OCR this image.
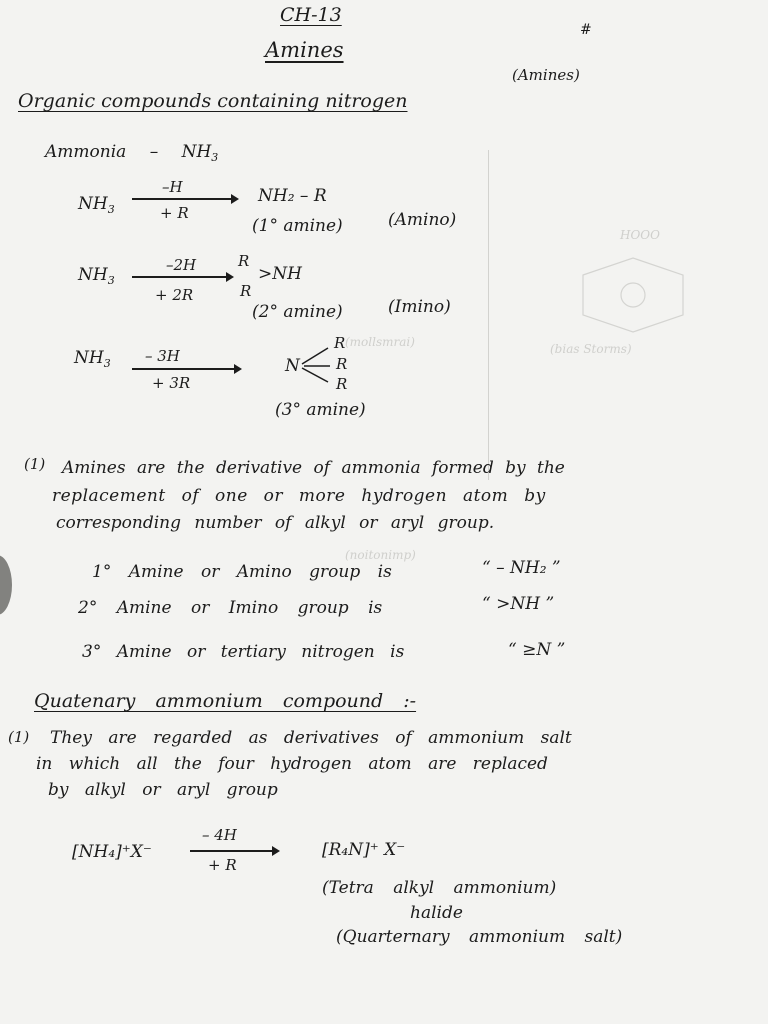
HOOO
(bias Storms)
(noitonimp)
(mollsmrai)
CH-13
#
Amines
Organic compounds containing nitrogen
(Amines)
Ammonia – $NH_3$
$NH_3$
–H
+ R
NH₂ – R
(1° amine)	(Amino)
$NH_3$
–2H
+ 2R
R
R
>NH
(2° amine)	(Imino)
$NH_3 - 3H$
+ 3R
N
R
R
R
(3° amine)
(1) Amines are the derivative of ammonia formed by the
replacement of one or more hydrogen atom by
corresponding number of alkyl or aryl group.
1° Amine or Amino group is	“ – NH₂ ”
2° Amine or Imino group is	“ >NH ”
3° Amine or tertiary nitrogen is	“ ≥N ”
Quatenary ammonium compound :-
(1) They are regarded as derivatives of ammonium salt
in which all the four hydrogen atom are replaced
by alkyl or aryl group
[NH₄]⁺X⁻
– 4H
+ R
[R₄N]⁺ X⁻
(Tetra alkyl ammonium)
halide
(Quarternary ammonium salt)
